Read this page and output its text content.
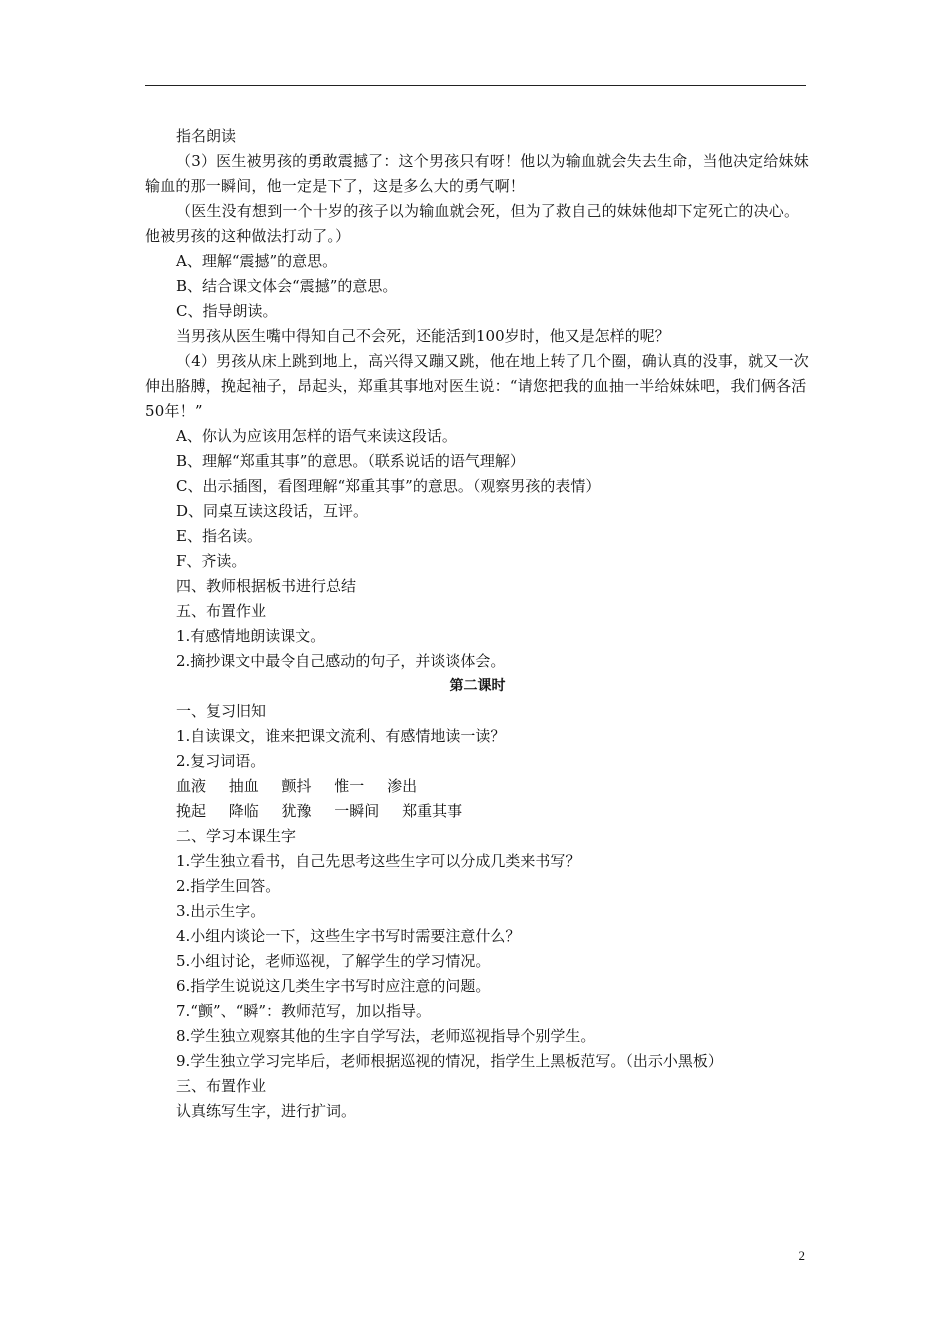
指名朗读

（3）医生被男孩的勇敢震撼了：这个男孩只有呀！他以为输血就会失去生命，当他决定给妹妹输血的那一瞬间，他一定是下了，这是多么大的勇气啊！

（医生没有想到一个十岁的孩子以为输血就会死，但为了救自己的妹妹他却下定死亡的决心。他被男孩的这种做法打动了。）

A、理解“震撼”的意思。

B、结合课文体会“震撼”的意思。

C、指导朗读。

当男孩从医生嘴中得知自己不会死，还能活到100岁时，他又是怎样的呢？

（4）男孩从床上跳到地上，高兴得又蹦又跳，他在地上转了几个圈，确认真的没事，就又一次伸出胳膊，挽起袖子，昂起头，郑重其事地对医生说：“请您把我的血抽一半给妹妹吧，我们俩各活50年！”

A、你认为应该用怎样的语气来读这段话。

B、理解“郑重其事”的意思。（联系说话的语气理解）

C、出示插图，看图理解“郑重其事”的意思。（观察男孩的表情）

D、同桌互读这段话，互评。

E、指名读。

F、齐读。

四、教师根据板书进行总结

五、布置作业

1.有感情地朗读课文。

2.摘抄课文中最令自己感动的句子，并谈谈体会。

第二课时

一、复习旧知

1.自读课文，谁来把课文流利、有感情地读一读？

2.复习词语。

血液 抽血 颤抖 惟一 渗出

挽起 降临 犹豫 一瞬间 郑重其事

二、学习本课生字

1.学生独立看书，自己先思考这些生字可以分成几类来书写？

2.指学生回答。

3.出示生字。

4.小组内谈论一下，这些生字书写时需要注意什么？

5.小组讨论，老师巡视，了解学生的学习情况。

6.指学生说说这几类生字书写时应注意的问题。

7.“颤”、“瞬”：教师范写，加以指导。

8.学生独立观察其他的生字自学写法，老师巡视指导个别学生。

9.学生独立学习完毕后，老师根据巡视的情况，指学生上黑板范写。（出示小黑板）

三、布置作业

认真练写生字，进行扩词。

2
